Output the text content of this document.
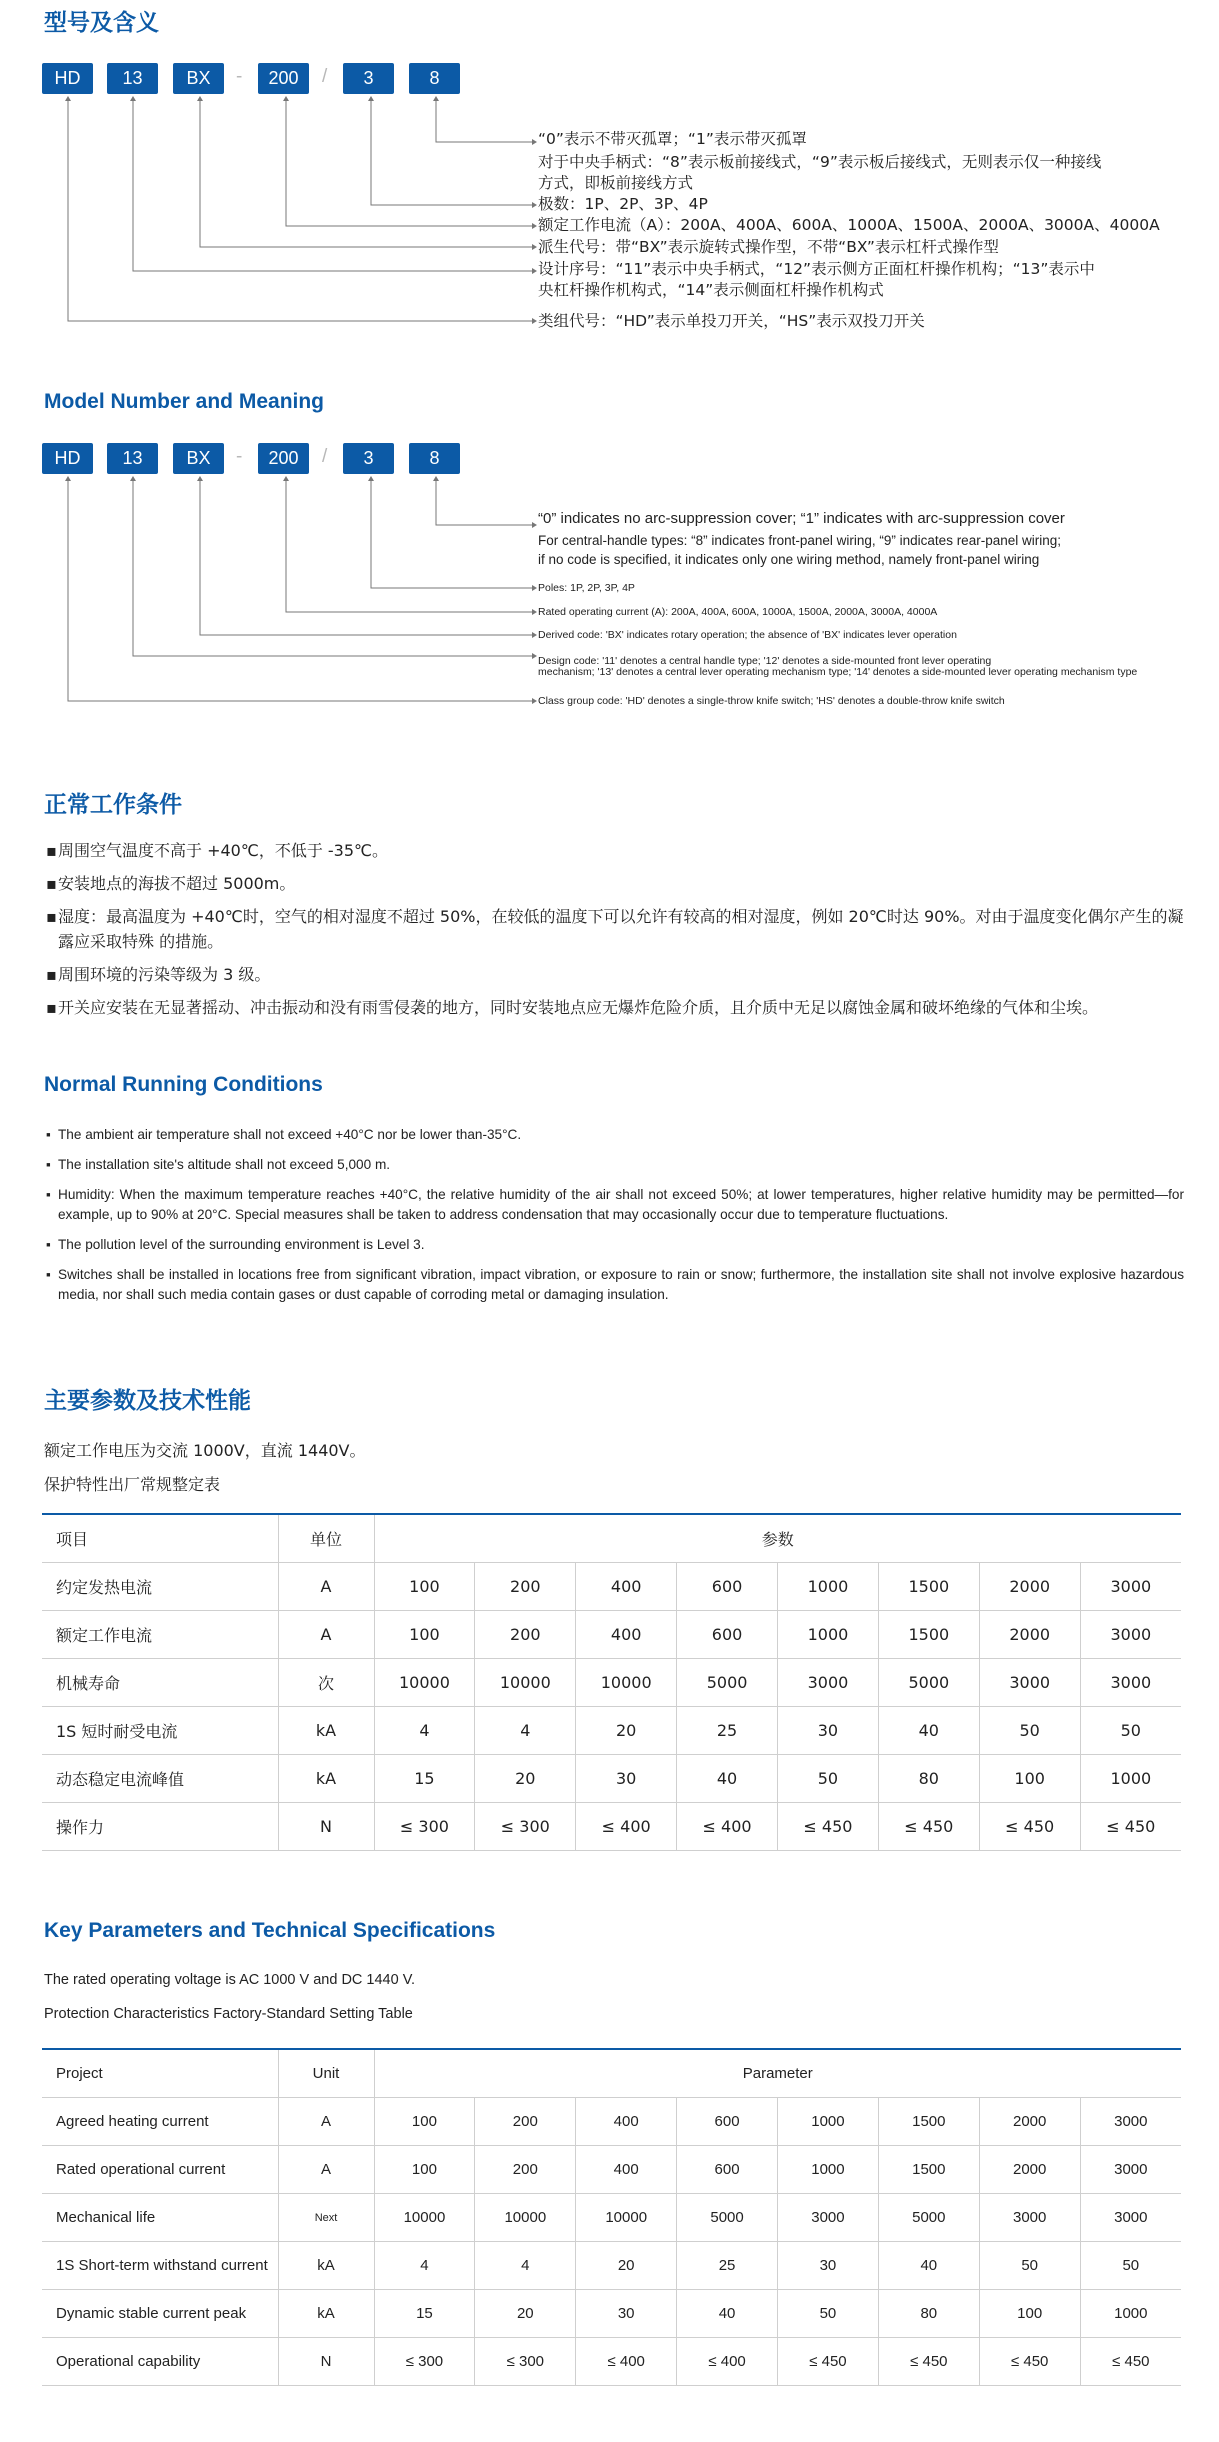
型号及含义
HD	13	BX	-	200	/	3	8
“0”表示不带灭孤罩；“1”表示带灭孤罩
对于中央手柄式：“8”表示板前接线式，“9”表示板后接线式，无则表示仅一种接线
方式，即板前接线方式
极数：1P、2P、3P、4P
额定工作电流（A）：200A、400A、600A、1000A、1500A、2000A、3000A、4000A
派生代号：带“BX”表示旋转式操作型，不带“BX”表示杠杆式操作型
设计序号：“11”表示中央手柄式，“12”表示侧方正面杠杆操作机构；“13”表示中
央杠杆操作机构式，“14”表示侧面杠杆操作机构式
类组代号：“HD”表示单投刀开关，“HS”表示双投刀开关
Model Number and Meaning
HD	13	BX	-	200	/	3	8
“0” indicates no arc-suppression cover; “1” indicates with arc-suppression cover
For central-handle types: “8” indicates front-panel wiring, “9” indicates rear-panel wiring;
if no code is specified, it indicates only one wiring method, namely front-panel wiring
Poles: 1P, 2P, 3P, 4P
Rated operating current (A): 200A, 400A, 600A, 1000A, 1500A, 2000A, 3000A, 4000A
Derived code: 'BX' indicates rotary operation; the absence of 'BX' indicates lever operation
Design code: '11' denotes a central handle type; '12' denotes a side-mounted front lever operating
mechanism; '13' denotes a central lever operating mechanism type; '14' denotes a side-mounted lever operating mechanism type
Class group code: 'HD' denotes a single-throw knife switch; 'HS' denotes a double-throw knife switch
正常工作条件
▪ 周围空气温度不高于 +40℃，不低于 -35℃。
▪ 安装地点的海拔不超过 5000m。
▪ 湿度：最高温度为 +40℃时，空气的相对湿度不超过 50%，在较低的温度下可以允许有较高的相对湿度，例如 20℃时达 90%。对由于温度变化偶尔产生的凝露应采取特殊 的措施。
▪ 周围环境的污染等级为 3 级。
▪ 开关应安装在无显著摇动、冲击振动和没有雨雪侵袭的地方，同时安装地点应无爆炸危险介质，且介质中无足以腐蚀金属和破坏绝缘的气体和尘埃。
Normal Running Conditions
▪ The ambient air temperature shall not exceed +40°C nor be lower than-35°C.
▪ The installation site's altitude shall not exceed 5,000 m.
▪ Humidity: When the maximum temperature reaches +40°C, the relative humidity of the air shall not exceed 50%; at lower temperatures, higher relative humidity may be permitted—for example, up to 90% at 20°C. Special measures shall be taken to address condensation that may occasionally occur due to temperature fluctuations.
▪ The pollution level of the surrounding environment is Level 3.
▪ Switches shall be installed in locations free from significant vibration, impact vibration, or exposure to rain or snow; furthermore, the installation site shall not involve explosive hazardous media, nor shall such media contain gases or dust capable of corroding metal or damaging insulation.
主要参数及技术性能

额定工作电压为交流 1000V，直流 1440V。

保护特性出厂常规整定表

项目	单位	参数							
约定发热电流	A	100	200	400	600	1000	1500	2000	3000
额定工作电流	A	100	200	400	600	1000	1500	2000	3000
机械寿命	次	10000	10000	10000	5000	3000	5000	3000	3000
1S 短时耐受电流	kA	4	4	20	25	30	40	50	50
动态稳定电流峰值	kA	15	20	30	40	50	80	100	1000
操作力	N	≤ 300	≤ 300	≤ 400	≤ 400	≤ 450	≤ 450	≤ 450	≤ 450
Key Parameters and Technical Specifications

The rated operating voltage is AC 1000 V and DC 1440 V.

Protection Characteristics Factory-Standard Setting Table

Project	Unit	Parameter							
Agreed heating current	A	100	200	400	600	1000	1500	2000	3000
Rated operational current	A	100	200	400	600	1000	1500	2000	3000
Mechanical life	Next	10000	10000	10000	5000	3000	5000	3000	3000
1S Short-term withstand current	kA	4	4	20	25	30	40	50	50
Dynamic stable current peak	kA	15	20	30	40	50	80	100	1000
Operational capability	N	≤ 300	≤ 300	≤ 400	≤ 400	≤ 450	≤ 450	≤ 450	≤ 450
